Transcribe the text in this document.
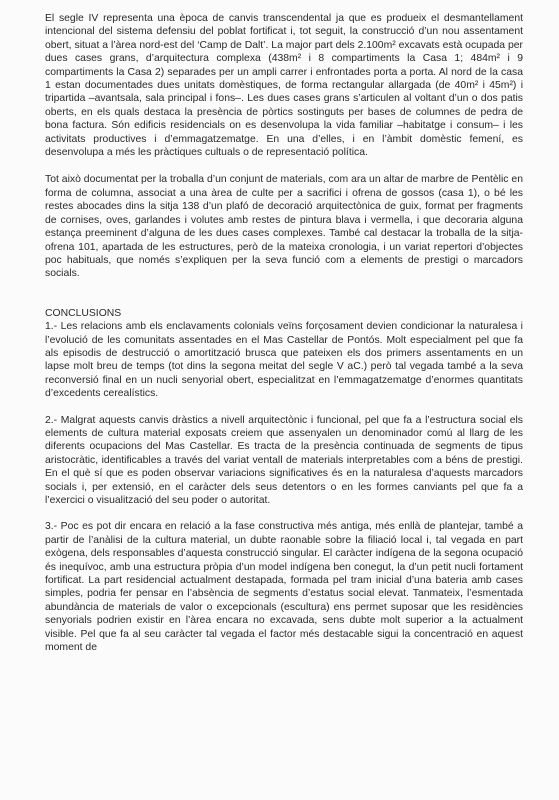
El segle IV representa una època de canvis transcendental ja que es produeix el desmantellament intencional del sistema defensiu del poblat fortificat i, tot seguit, la construcció d’un nou assentament obert, situat a l’àrea nord-est del ‘Camp de Dalt’. La major part dels 2.100m² excavats està ocupada per dues cases grans, d’arquitectura complexa (438m² i 8 compartiments la Casa 1; 484m² i 9 compartiments la Casa 2) separades per un ampli carrer i enfrontades porta a porta. Al nord de la casa 1 estan documentades dues unitats domèstiques, de forma rectangular allargada (de 40m² i 45m²) i tripartida –avantsala, sala principal i fons–. Les dues cases grans s’articulen al voltant d’un o dos patis oberts, en els quals destaca la presència de pòrtics sostinguts per bases de columnes de pedra de bona factura. Són edificis residencials on es desenvolupa la vida familiar –habitatge i consum– i les activitats productives i d’emmagatzematge. En una d’elles, i en l’àmbit domèstic femení, es desenvolupa a més les pràctiques cultuals o de representació política.

Tot això documentat per la troballa d’un conjunt de materials, com ara un altar de marbre de Pentèlic en forma de columna, associat a una àrea de culte per a sacrifici i ofrena de gossos (casa 1), o bé les restes abocades dins la sitja 138 d’un plafó de decoració arquitectònica de guix, format per fragments de cornises, oves, garlandes i volutes amb restes de pintura blava i vermella, i que decoraria alguna estança preeminent d’alguna de les dues cases complexes. També cal destacar la troballa de la sitja-ofrena 101, apartada de les estructures, però de la mateixa cronologia, i un variat repertori d’objectes poc habituals, que només s’expliquen per la seva funció com a elements de prestigi o marcadors socials.

CONCLUSIONS

1.- Les relacions amb els enclavaments colonials veïns forçosament devien condicionar la naturalesa i l’evolució de les comunitats assentades en el Mas Castellar de Pontós. Molt especialment pel que fa als episodis de destrucció o amortització brusca que pateixen els dos primers assentaments en un lapse molt breu de temps (tot dins la segona meitat del segle V aC.) però tal vegada també a la seva reconversió final en un nucli senyorial obert, especialitzat en l’emmagatzematge d’enormes quantitats d’excedents cerealístics.

2.- Malgrat aquests canvis dràstics a nivell arquitectònic i funcional, pel que fa a l’estructura social els elements de cultura material exposats creiem que assenyalen un denominador comú al llarg de les diferents ocupacions del Mas Castellar. Es tracta de la presència continuada de segments de tipus aristocràtic, identificables a través del variat ventall de materials interpretables com a béns de prestigi. En el què sí que es poden observar variacions significatives és en la naturalesa d’aquests marcadors socials i, per extensió, en el caràcter dels seus detentors o en les formes canviants pel que fa a l’exercici o visualització del seu poder o autoritat.

3.- Poc es pot dir encara en relació a la fase constructiva més antiga, més enllà de plantejar, també a partir de l’anàlisi de la cultura material, un dubte raonable sobre la filiació local i, tal vegada en part exògena, dels responsables d’aquesta construcció singular. El caràcter indígena de la segona ocupació és inequívoc, amb una estructura pròpia d’un model indígena ben conegut, la d’un petit nucli fortament fortificat. La part residencial actualment destapada, formada pel tram inicial d’una bateria amb cases simples, podria fer pensar en l’absència de segments d’estatus social elevat. Tanmateix, l’esmentada abundància de materials de valor o excepcionals (escultura) ens permet suposar que les residències senyorials podrien existir en l’àrea encara no excavada, sens dubte molt superior a la actualment visible. Pel que fa al seu caràcter tal vegada el factor més destacable sigui la concentració en aquest moment de
